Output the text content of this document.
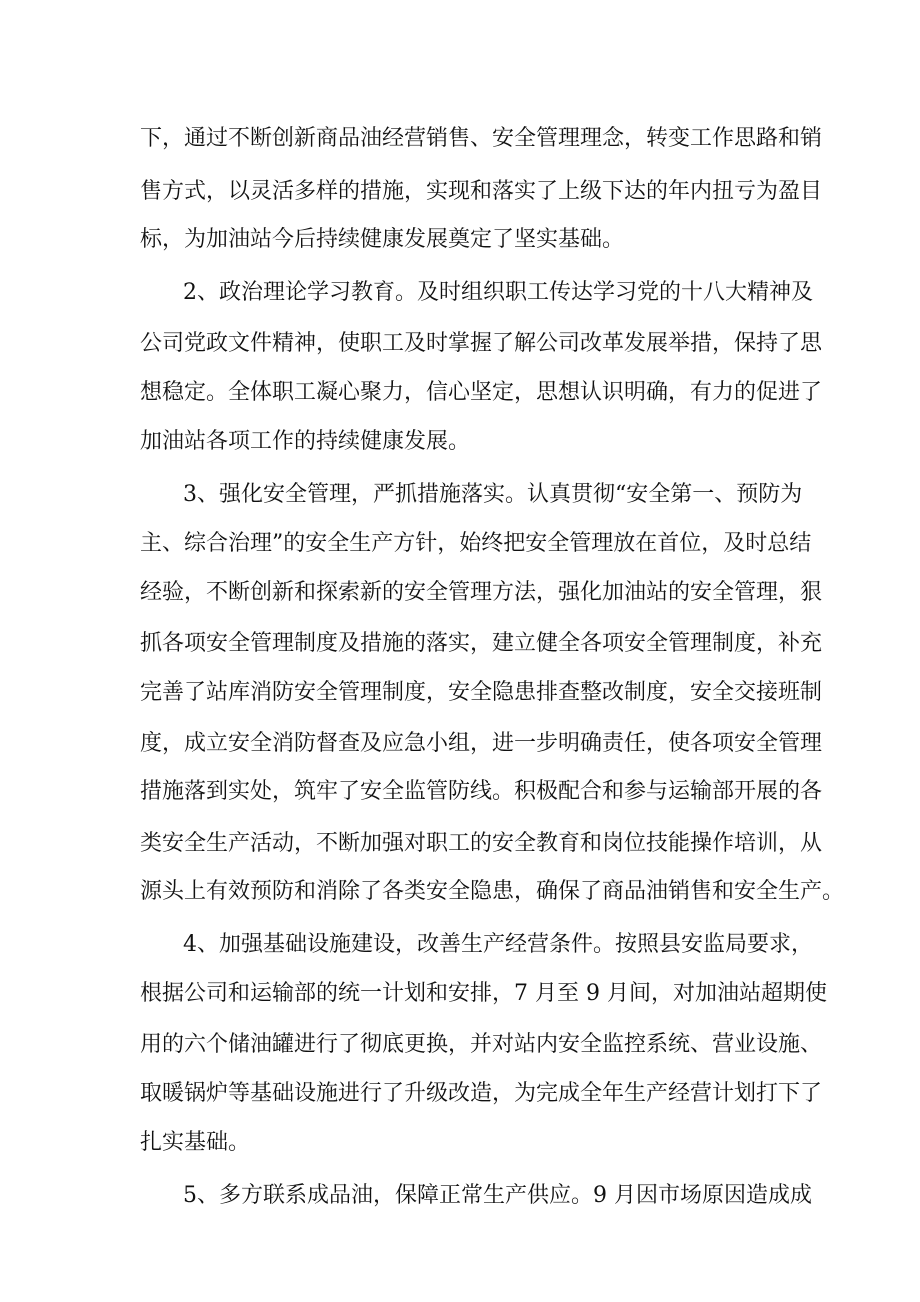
下，通过不断创新商品油经营销售、安全管理理念，转变工作思路和销
售方式，以灵活多样的措施，实现和落实了上级下达的年内扭亏为盈目
标，为加油站今后持续健康发展奠定了坚实基础。
2、政治理论学习教育。及时组织职工传达学习党的十八大精神及
公司党政文件精神，使职工及时掌握了解公司改革发展举措，保持了思
想稳定。全体职工凝心聚力，信心坚定，思想认识明确，有力的促进了
加油站各项工作的持续健康发展。
3、强化安全管理，严抓措施落实。认真贯彻“安全第一、预防为
主、综合治理”的安全生产方针，始终把安全管理放在首位，及时总结
经验，不断创新和探索新的安全管理方法，强化加油站的安全管理，狠
抓各项安全管理制度及措施的落实，建立健全各项安全管理制度，补充
完善了站库消防安全管理制度，安全隐患排查整改制度，安全交接班制
度，成立安全消防督查及应急小组，进一步明确责任，使各项安全管理
措施落到实处，筑牢了安全监管防线。积极配合和参与运输部开展的各
类安全生产活动，不断加强对职工的安全教育和岗位技能操作培训，从
源头上有效预防和消除了各类安全隐患，确保了商品油销售和安全生产。
4、加强基础设施建设，改善生产经营条件。按照县安监局要求，
根据公司和运输部的统一计划和安排，7 月至 9 月间，对加油站超期使
用的六个储油罐进行了彻底更换，并对站内安全监控系统、营业设施、
取暖锅炉等基础设施进行了升级改造，为完成全年生产经营计划打下了
扎实基础。
5、多方联系成品油，保障正常生产供应。9 月因市场原因造成成
